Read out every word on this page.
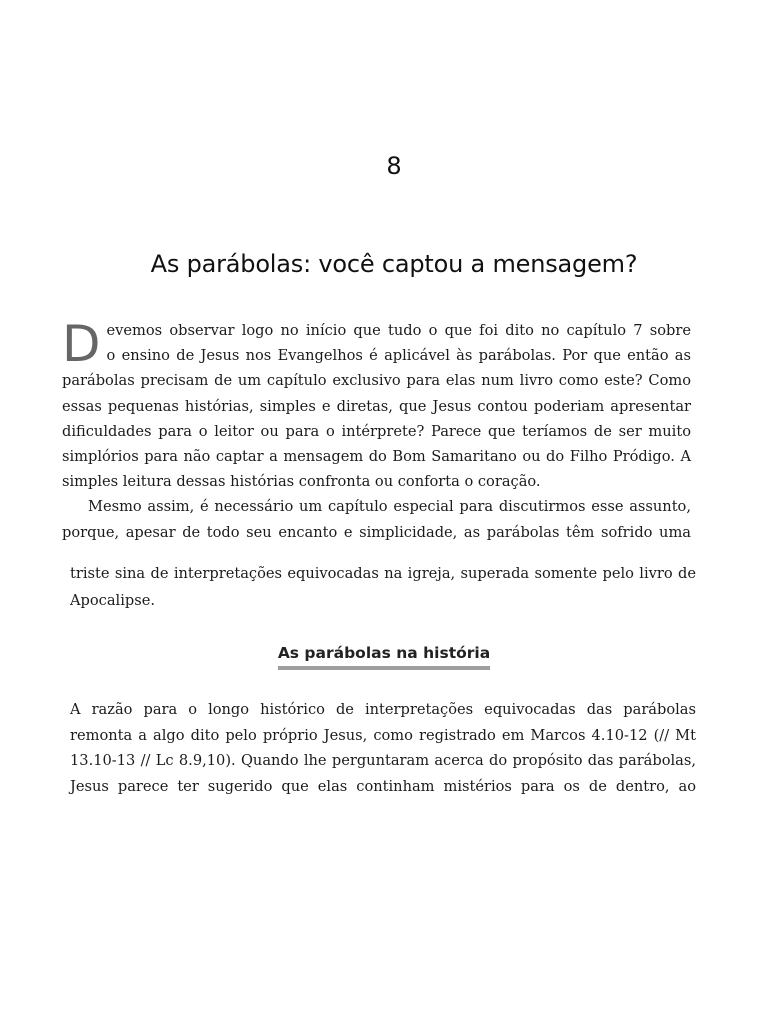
8
As parábolas: você captou a mensagem?

D evemos observar logo no início que tudo o que foi dito no capítulo 7 sobre
o ensino de Jesus nos Evangelhos é aplicável às parábolas. Por que então as
parábolas precisam de um capítulo exclusivo para elas num livro como este? Como
essas pequenas histórias, simples e diretas, que Jesus contou poderiam apresentar
dificuldades para o leitor ou para o intérprete? Parece que teríamos de ser muito
simplórios para não captar a mensagem do Bom Samaritano ou do Filho Pródigo. A
simples leitura dessas histórias confronta ou conforta o coração.

Mesmo assim, é necessário um capítulo especial para discutirmos esse assunto,
porque, apesar de todo seu encanto e simplicidade, as parábolas têm sofrido uma

triste sina de interpretações equivocadas na igreja, superada somente pelo livro de
Apocalipse.

As parábolas na história

A razão para o longo histórico de interpretações equivocadas das parábolas
remonta a algo dito pelo próprio Jesus, como registrado em Marcos 4.10-12 (// Mt
13.10-13 // Lc 8.9,10). Quando lhe perguntaram acerca do propósito das parábolas,
Jesus parece ter sugerido que elas continham mistérios para os de dentro, ao
